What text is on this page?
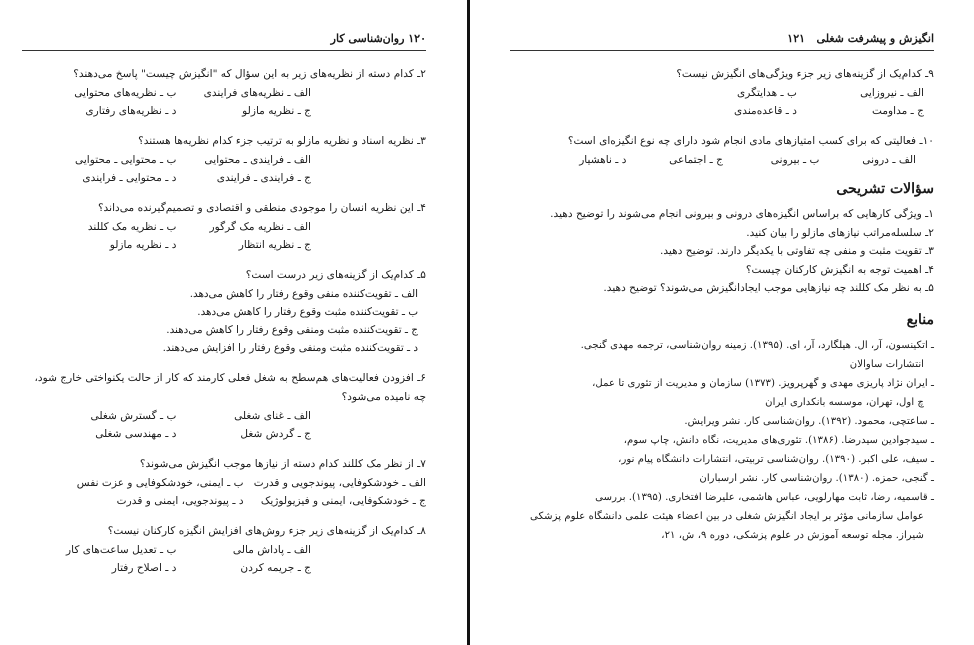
۱۲۰ روان‌شناسی کار
۲ـ کدام دسته از نظریه‌های زیر به این سؤال که "انگیزش چیست" پاسخ می‌دهند؟
الف ـ نظریه‌های فرایندی
ب ـ نظریه‌های محتوایی
ج ـ نظریه مازلو
د ـ نظریه‌های رفتاری
۳ـ نظریه اسناد و نظریه مازلو به ترتیب جزء کدام نظریه‌ها هستند؟
الف ـ فرایندی ـ محتوایی
ب ـ محتوایی ـ محتوایی
ج ـ فرایندی ـ فرایندی
د ـ محتوایی ـ فرایندی
۴ـ این نظریه انسان را موجودی منطقی و اقتصادی و تصمیم‌گیرنده می‌داند؟
الف ـ نظریه مک گرگور
ب ـ نظریه مک کللند
ج ـ نظریه انتظار
د ـ نظریه مازلو
۵ـ کدام‌یک از گزینه‌های زیر درست است؟
الف ـ تقویت‌کننده منفی وقوع رفتار را کاهش می‌دهد.
ب ـ تقویت‌کننده مثبت وقوع رفتار را کاهش می‌دهد.
ج ـ تقویت‌کننده مثبت ومنفی وقوع رفتار را کاهش می‌دهند.
د ـ تقویت‌کننده مثبت ومنفی وقوع رفتار را افزایش می‌دهند.
۶ـ افزودن فعالیت‌های هم‌سطح به شغل فعلی کارمند که کار از حالت یکنواختی خارج شود، چه نامیده می‌شود؟
الف ـ غنای شغلی
ب ـ گسترش شغلی
ج ـ گردش شغل
د ـ مهندسی شغلی
۷ـ از نظر مک کللند کدام دسته از نیازها موجب انگیزش می‌شوند؟
الف ـ خودشکوفایی، پیوندجویی و قدرت
ب ـ ایمنی، خودشکوفایی و عزت نفس
ج ـ خودشکوفایی، ایمنی و فیزیولوژیک
د ـ پیوندجویی، ایمنی و قدرت
۸ـ کدام‌یک از گزینه‌های زیر جزء روش‌های افزایش انگیزه کارکنان نیست؟
الف ـ پاداش مالی
ب ـ تعدیل ساعت‌های کار
ج ـ جریمه کردن
د ـ اصلاح رفتار
انگیزش و پیشرفت شغلی   ۱۲۱
۹ـ کدام‌یک از گزینه‌های زیر جزء ویژگی‌های انگیزش نیست؟
الف ـ نیروزایی
ب ـ هدایتگری
ج ـ مداومت
د ـ قاعده‌مندی
۱۰ـ فعالیتی که برای کسب امتیازهای مادی انجام شود دارای چه نوع انگیزه‌ای است؟
الف ـ درونی
ب ـ بیرونی
ج ـ اجتماعی
د ـ ناهشیار
سؤالات تشریحی
۱ـ ویژگی کارهایی که براساس انگیزه‌های درونی و بیرونی انجام می‌شوند را توضیح دهید.
۲ـ سلسله‌مراتب نیازهای مازلو را بیان کنید.
۳ـ تقویت مثبت و منفی چه تفاوتی با یکدیگر دارند. توضیح دهید.
۴ـ اهمیت توجه به انگیزش کارکنان چیست؟
۵ـ به نظر مک کللند چه نیازهایی موجب ایجادانگیزش می‌شوند؟ توضیح دهید.
منابع
ـ اتکینسون، آر، ال. هیلگارد، آر، ای. (۱۳۹۵). زمینه روان‌شناسی، ترجمه مهدی گنجی.
انتشارات ساوالان
ـ ایران نژاد پاریزی مهدی و گهرپرویز. (۱۳۷۳) سازمان و مدیریت از تئوری تا عمل،
چ اول، تهران، موسسه بانکداری ایران
ـ ساعتچی، محمود. (۱۳۹۲). روان‌شناسی کار. نشر ویرایش.
ـ سیدجوادین سیدرضا. (۱۳۸۶). تئوری‌های مدیریت، نگاه دانش، چاپ سوم،
ـ سیف، علی اکبر. (۱۳۹۰). روان‌شناسی تربیتی، انتشارات دانشگاه پیام نور،
ـ گنجی، حمزه. (۱۳۸۰). روان‌شناسی کار. نشر ارسباران
ـ قاسمیه، رضا، ثابت مهارلویی، عباس هاشمی، علیرضا افتخاری. (۱۳۹۵). بررسی
عوامل سازمانی مؤثر بر ایجاد انگیزش شغلی در بین اعضاء هیئت علمی دانشگاه علوم پزشکی شیراز. مجله توسعه آموزش در علوم پزشکی، دوره ۹، ش، ۲۱،
